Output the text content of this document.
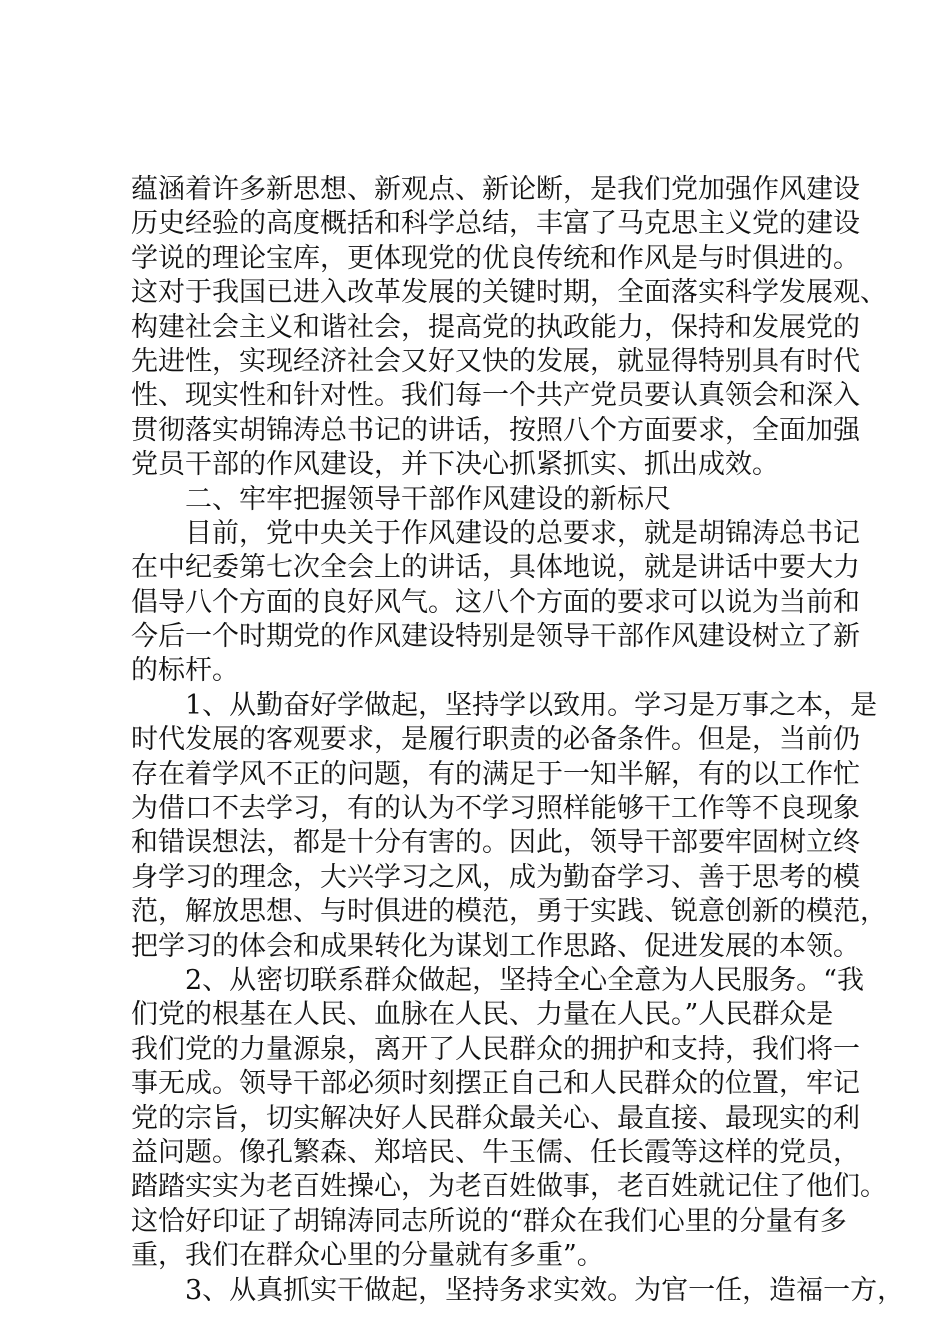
蕴涵着许多新思想、新观点、新论断，是我们党加强作风建设
历史经验的高度概括和科学总结，丰富了马克思主义党的建设
学说的理论宝库，更体现党的优良传统和作风是与时俱进的。
这对于我国已进入改革发展的关键时期，全面落实科学发展观、
构建社会主义和谐社会，提高党的执政能力，保持和发展党的
先进性，实现经济社会又好又快的发展，就显得特别具有时代
性、现实性和针对性。我们每一个共产党员要认真领会和深入
贯彻落实胡锦涛总书记的讲话，按照八个方面要求，全面加强
党员干部的作风建设，并下决心抓紧抓实、抓出成效。
二、牢牢把握领导干部作风建设的新标尺
目前，党中央关于作风建设的总要求，就是胡锦涛总书记
在中纪委第七次全会上的讲话，具体地说，就是讲话中要大力
倡导八个方面的良好风气。这八个方面的要求可以说为当前和
今后一个时期党的作风建设特别是领导干部作风建设树立了新
的标杆。
1、从勤奋好学做起，坚持学以致用。学习是万事之本，是
时代发展的客观要求，是履行职责的必备条件。但是，当前仍
存在着学风不正的问题，有的满足于一知半解，有的以工作忙
为借口不去学习，有的认为不学习照样能够干工作等不良现象
和错误想法，都是十分有害的。因此，领导干部要牢固树立终
身学习的理念，大兴学习之风，成为勤奋学习、善于思考的模
范，解放思想、与时俱进的模范，勇于实践、锐意创新的模范，
把学习的体会和成果转化为谋划工作思路、促进发展的本领。
2、从密切联系群众做起，坚持全心全意为人民服务。“我
们党的根基在人民、血脉在人民、力量在人民。”人民群众是
我们党的力量源泉，离开了人民群众的拥护和支持，我们将一
事无成。领导干部必须时刻摆正自己和人民群众的位置，牢记
党的宗旨，切实解决好人民群众最关心、最直接、最现实的利
益问题。像孔繁森、郑培民、牛玉儒、任长霞等这样的党员，
踏踏实实为老百姓操心，为老百姓做事，老百姓就记住了他们。
这恰好印证了胡锦涛同志所说的“群众在我们心里的分量有多
重，我们在群众心里的分量就有多重”。
3、从真抓实干做起，坚持务求实效。为官一任，造福一方，
